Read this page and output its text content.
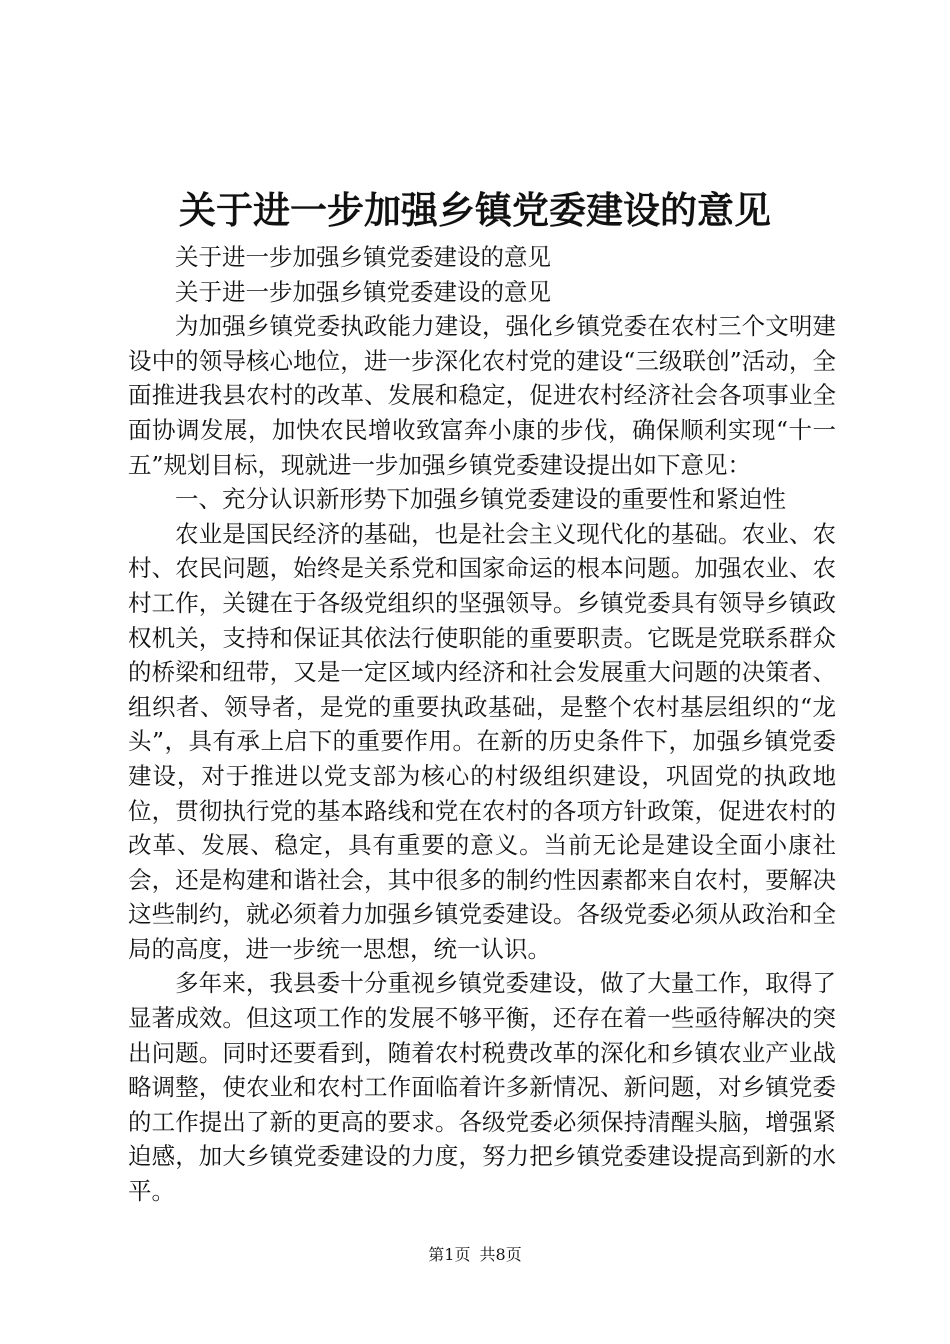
关于进一步加强乡镇党委建设的意见

关于进一步加强乡镇党委建设的意见

关于进一步加强乡镇党委建设的意见

为加强乡镇党委执政能力建设，强化乡镇党委在农村三个文明建设中的领导核心地位，进一步深化农村党的建设“三级联创”活动，全面推进我县农村的改革、发展和稳定，促进农村经济社会各项事业全面协调发展，加快农民增收致富奔小康的步伐，确保顺利实现“十一五”规划目标，现就进一步加强乡镇党委建设提出如下意见：

一、充分认识新形势下加强乡镇党委建设的重要性和紧迫性

农业是国民经济的基础，也是社会主义现代化的基础。农业、农村、农民问题，始终是关系党和国家命运的根本问题。加强农业、农村工作，关键在于各级党组织的坚强领导。乡镇党委具有领导乡镇政权机关，支持和保证其依法行使职能的重要职责。它既是党联系群众的桥梁和纽带，又是一定区域内经济和社会发展重大问题的决策者、组织者、领导者，是党的重要执政基础，是整个农村基层组织的“龙头”，具有承上启下的重要作用。在新的历史条件下，加强乡镇党委建设，对于推进以党支部为核心的村级组织建设，巩固党的执政地位，贯彻执行党的基本路线和党在农村的各项方针政策，促进农村的改革、发展、稳定，具有重要的意义。当前无论是建设全面小康社会，还是构建和谐社会，其中很多的制约性因素都来自农村，要解决这些制约，就必须着力加强乡镇党委建设。各级党委必须从政治和全局的高度，进一步统一思想，统一认识。

多年来，我县委十分重视乡镇党委建设，做了大量工作，取得了显著成效。但这项工作的发展不够平衡，还存在着一些亟待解决的突出问题。同时还要看到，随着农村税费改革的深化和乡镇农业产业战略调整，使农业和农村工作面临着许多新情况、新问题，对乡镇党委的工作提出了新的更高的要求。各级党委必须保持清醒头脑，增强紧迫感，加大乡镇党委建设的力度，努力把乡镇党委建设提高到新的水平。

第1页 共8页
